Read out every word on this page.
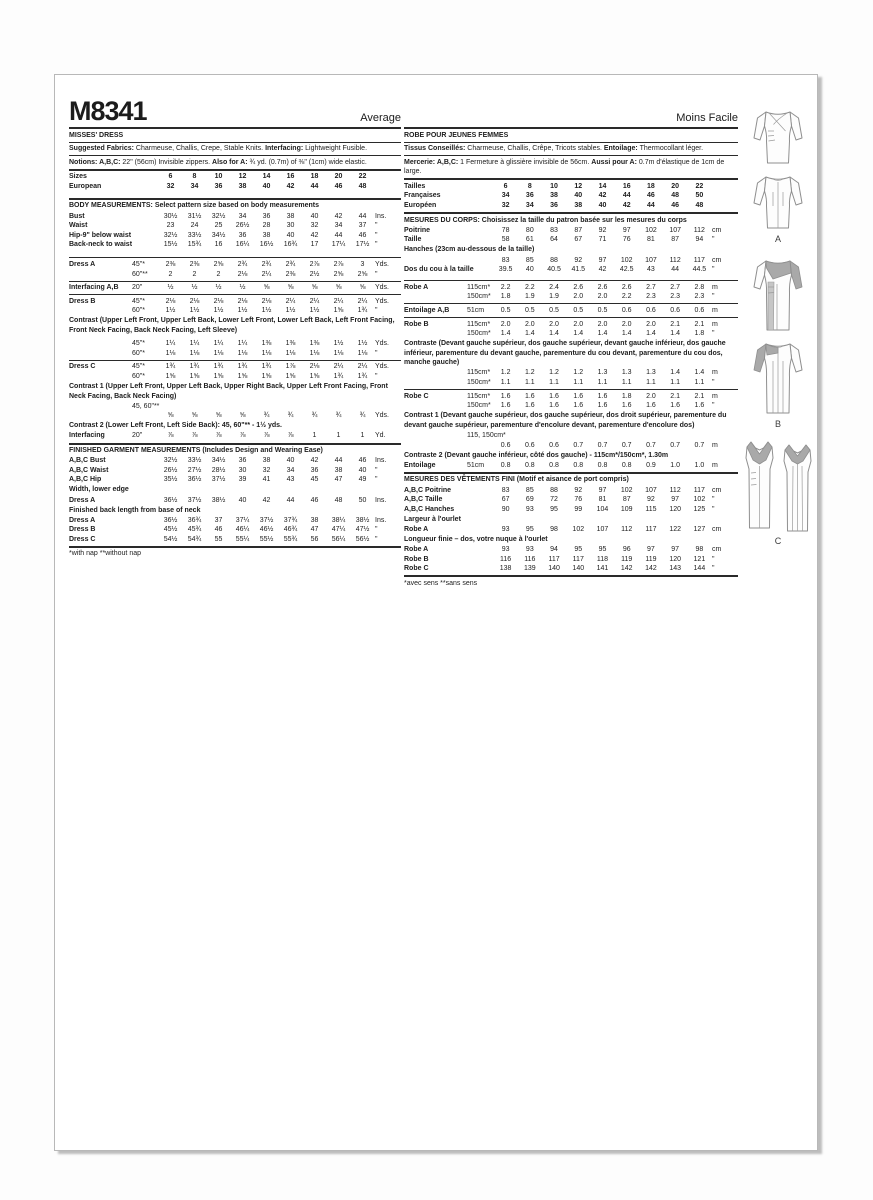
M8341	Average
MISSES' DRESS
Suggested Fabrics: Charmeuse, Challis, Crepe, Stable Knits. Interfacing: Lightweight Fusible.
Notions: A,B,C: 22" (56cm) Invisible zippers. Also for A: ¾ yd. (0.7m) of ⅜" (1cm) wide elastic.
Sizes	6	8	10	12	14	16	18	20	22
European	32	34	36	38	40	42	44	46	48
BODY MEASUREMENTS: Select pattern size based on body measurements
Bust	30½	31½	32½	34	36	38	40	42	44	Ins.
Waist	23	24	25	26½	28	30	32	34	37	"
Hip-9" below waist	32½	33½	34½	36	38	40	42	44	46	"
Back-neck to waist	15½	15¾	16	16¼	16½	16¾	17	17¼	17½ "
Dress A	45"*	2⅜	2⅜	2⅝	2¾	2¾	2¾	2⅞	2⅞	3	Yds.
60"**	2	2	2	2⅛	2¼	2⅜	2½	2⅝	2⅝	"
Interfacing A,B	20"	½	½	½	½	⅝	⅝	⅝	⅝	⅝	Yds.
Dress B	45"*	2⅛	2⅛	2⅛	2⅛	2⅛	2¼	2¼	2¼	2¼	Yds.
60"*	1½	1½	1½	1½	1½	1½	1½	1⅝	1¾	"
Contrast (Upper Left Front, Upper Left Back, Lower Left Front, Lower Left Back, Left Front Facing, Front Neck Facing, Back Neck Facing, Left Sleeve)
45"*	1¼	1¼	1¼	1¼	1⅜	1⅜	1⅜	1½	1½	Yds.
60"*	1⅛	1⅛	1⅛	1⅛	1⅛	1⅛	1⅛	1⅛	1⅛	"
Dress C	45"*	1¾	1¾	1¾	1¾	1¾	1⅞	2⅛	2¼	2¼	Yds.
60"*	1⅝	1⅝	1⅝	1⅝	1⅝	1⅝	1⅝	1¾	1¾	"
Contrast 1 (Upper Left Front, Upper Left Back, Upper Right Back, Upper Left Front Facing, Front Neck Facing, Back Neck Facing)
45, 60"**
⅝	⅝	⅝	⅝	¾	¾	¾	¾	¾	Yds.
Contrast 2 (Lower Left Front, Left Side Back): 45, 60"** - 1½ yds.
Interfacing	20"	⅞	⅞	⅞	⅞	⅞	⅞	1	1	1	Yd.
FINISHED GARMENT MEASUREMENTS (Includes Design and Wearing Ease)
A,B,C Bust	32½	33½	34½	36	38	40	42	44	46	Ins.
A,B,C Waist	26½	27½	28½	30	32	34	36	38	40	"
A,B,C Hip	35½	36½	37½	39	41	43	45	47	49	"
Width, lower edge
Dress A	36½	37½	38½	40	42	44	46	48	50	Ins.
Finished back length from base of neck
Dress A	36½	36¾	37	37¼	37½	37¾	38	38¼	38½ Ins.
Dress B	45½	45¾	46	46¼	46½	46¾	47	47¼	47½ "
Dress C	54½	54¾	55	55¼	55½	55¾	56	56¼	56½ "
*with nap **without nap
Moins Facile
ROBE POUR JEUNES FEMMES
Tissus Conseillés: Charmeuse, Challis, Crêpe, Tricots stables. Entoilage: Thermocollant léger.
Mercerie: A,B,C: 1 Fermeture à glissière invisible de 56cm. Aussi pour A: 0.7m d'élastique de 1cm de large.
Tailles	6	8	10	12	14	16	18	20	22
Françaises	34	36	38	40	42	44	46	48	50
Européen	32	34	36	38	40	42	44	46	48
MESURES DU CORPS: Choisissez la taille du patron basée sur les mesures du corps
Poitrine	78	80	83	87	92	97	102	107	112	cm
Taille	58	61	64	67	71	76	81	87	94	"
Hanches (23cm au-dessous de la taille)
83	85	88	92	97	102	107	112	117	cm
Dos du cou à la taille	39.5	40	40.5	41.5	42	42.5	43	44	44.5 "
Robe A	115cm*	2.2	2.2	2.4	2.6	2.6	2.6	2.7	2.7	2.8	m
150cm*	1.8	1.9	1.9	2.0	2.0	2.2	2.3	2.3	2.3	"
Entoilage A,B	51cm	0.5	0.5	0.5	0.5	0.5	0.6	0.6	0.6	0.6	m
Robe B	115cm*	2.0	2.0	2.0	2.0	2.0	2.0	2.0	2.1	2.1	m
150cm*	1.4	1.4	1.4	1.4	1.4	1.4	1.4	1.4	1.8	"
Contraste (Devant gauche supérieur, dos gauche supérieur, devant gauche inférieur, dos gauche inférieur, parementure du devant gauche, parementure du cou devant, parementure du cou dos, manche gauche)
115cm*	1.2	1.2	1.2	1.2	1.3	1.3	1.3	1.4	1.4	m
150cm*	1.1	1.1	1.1	1.1	1.1	1.1	1.1	1.1	1.1	"
Robe C	115cm*	1.6	1.6	1.6	1.6	1.6	1.8	2.0	2.1	2.1	m
150cm*	1.6	1.6	1.6	1.6	1.6	1.6	1.6	1.6	1.6	"
Contrast 1 (Devant gauche supérieur, dos gauche supérieur, dos droit supérieur, parementure du devant gauche supérieur, parementure d'encolure devant, parementure d'encolure dos)
115, 150cm*
0.6	0.6	0.6	0.7	0.7	0.7	0.7	0.7	0.7	m
Contraste 2 (Devant gauche inférieur, côté dos gauche) - 115cm*/150cm*, 1.30m
Entoilage	51cm	0.8	0.8	0.8	0.8	0.8	0.8	0.9	1.0	1.0	m
MESURES DES VÊTEMENTS FINI (Motif et aisance de port compris)
A,B,C Poitrine	83	85	88	92	97	102	107	112	117	cm
A,B,C Taille	67	69	72	76	81	87	92	97	102 "
A,B,C Hanches	90	93	95	99	104	109	115	120	125 "
Largeur à l'ourlet
Robe A	93	95	98	102	107	112	117	122	127 cm
Longueur finie – dos, votre nuque à l'ourlet
Robe A	93	93	94	95	95	96	97	97	98	cm
Robe B	116	116	117	117	118	119	119	120	121 "
Robe C	138	139	140	140	141	142	142	143	144 "
*avec sens **sans sens
A
B
C
